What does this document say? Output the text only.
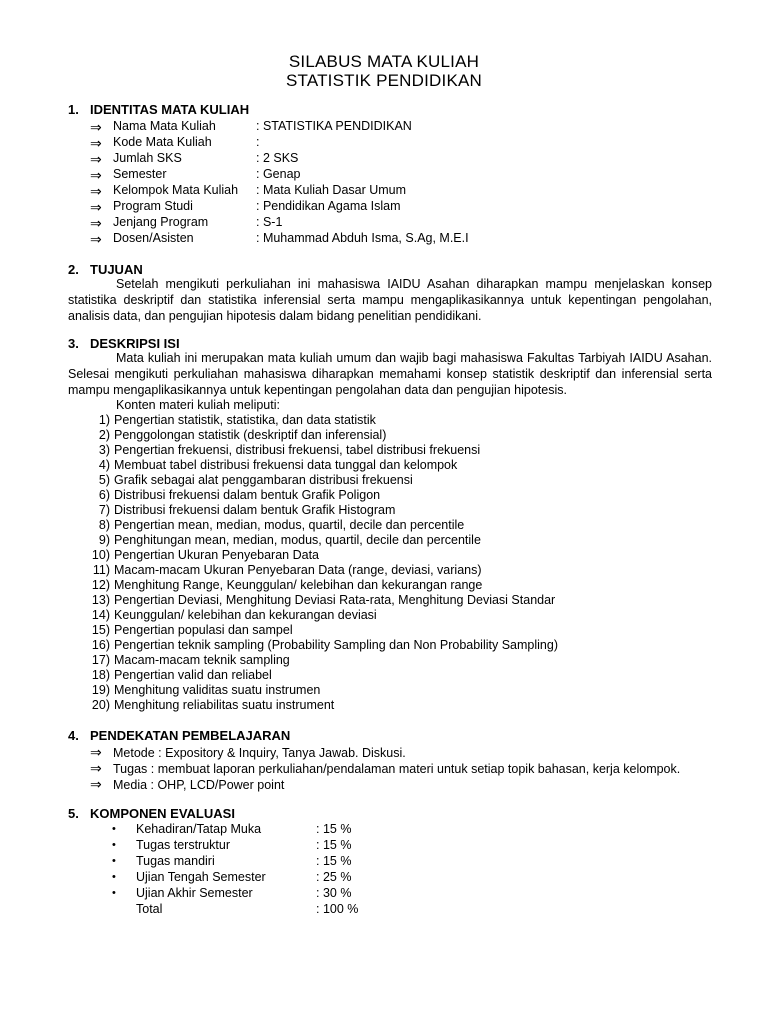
SILABUS MATA KULIAH
STATISTIK PENDIDIKAN
1. IDENTITAS MATA KULIAH
⇒ Nama Mata Kuliah	: STATISTIKA PENDIDIKAN
⇒ Kode Mata Kuliah	:
⇒ Jumlah SKS	: 2 SKS
⇒ Semester	: Genap
⇒ Kelompok Mata Kuliah : Mata Kuliah Dasar Umum
⇒ Program Studi	: Pendidikan Agama Islam
⇒ Jenjang Program	: S-1
⇒ Dosen/Asisten	: Muhammad Abduh Isma, S.Ag, M.E.I
2. TUJUAN
Setelah mengikuti perkuliahan ini mahasiswa IAIDU Asahan diharapkan mampu menjelaskan konsep statistika deskriptif dan statistika inferensial serta mampu mengaplikasikannya untuk kepentingan pengolahan, analisis data, dan pengujian hipotesis dalam bidang penelitian pendidikani.
3. DESKRIPSI ISI
Mata kuliah ini merupakan mata kuliah umum dan wajib bagi mahasiswa Fakultas Tarbiyah IAIDU Asahan. Selesai mengikuti perkuliahan mahasiswa diharapkan memahami konsep statistik deskriptif dan inferensial serta mampu mengaplikasikannya untuk kepentingan pengolahan data dan pengujian hipotesis.
Konten materi kuliah meliputi:
1) Pengertian statistik, statistika, dan data statistik
2) Penggolongan statistik (deskriptif dan inferensial)
3) Pengertian frekuensi, distribusi frekuensi, tabel distribusi frekuensi
4) Membuat tabel distribusi frekuensi data tunggal dan kelompok
5) Grafik sebagai alat penggambaran distribusi frekuensi
6) Distribusi frekuensi dalam bentuk Grafik Poligon
7) Distribusi frekuensi dalam bentuk Grafik Histogram
8) Pengertian mean, median, modus, quartil, decile dan percentile
9) Penghitungan mean, median, modus, quartil, decile dan percentile
10) Pengertian Ukuran Penyebaran Data
11) Macam-macam Ukuran Penyebaran Data (range, deviasi, varians)
12) Menghitung Range, Keunggulan/ kelebihan dan kekurangan range
13) Pengertian Deviasi, Menghitung Deviasi Rata-rata, Menghitung Deviasi Standar
14) Keunggulan/ kelebihan dan kekurangan deviasi
15) Pengertian populasi dan sampel
16) Pengertian teknik sampling (Probability Sampling dan Non Probability Sampling)
17) Macam-macam teknik sampling
18) Pengertian valid dan reliabel
19) Menghitung validitas suatu instrumen
20) Menghitung reliabilitas suatu instrument
4. PENDEKATAN PEMBELAJARAN
⇒ Metode : Expository & Inquiry, Tanya Jawab. Diskusi.
⇒ Tugas : membuat laporan perkuliahan/pendalaman materi untuk setiap topik bahasan, kerja kelompok.
⇒ Media : OHP, LCD/Power point
5. KOMPONEN EVALUASI
• Kehadiran/Tatap Muka	: 15 %
• Tugas terstruktur	: 15 %
• Tugas mandiri	: 15 %
• Ujian Tengah Semester	: 25 %
• Ujian Akhir Semester	: 30 %
Total	: 100 %
